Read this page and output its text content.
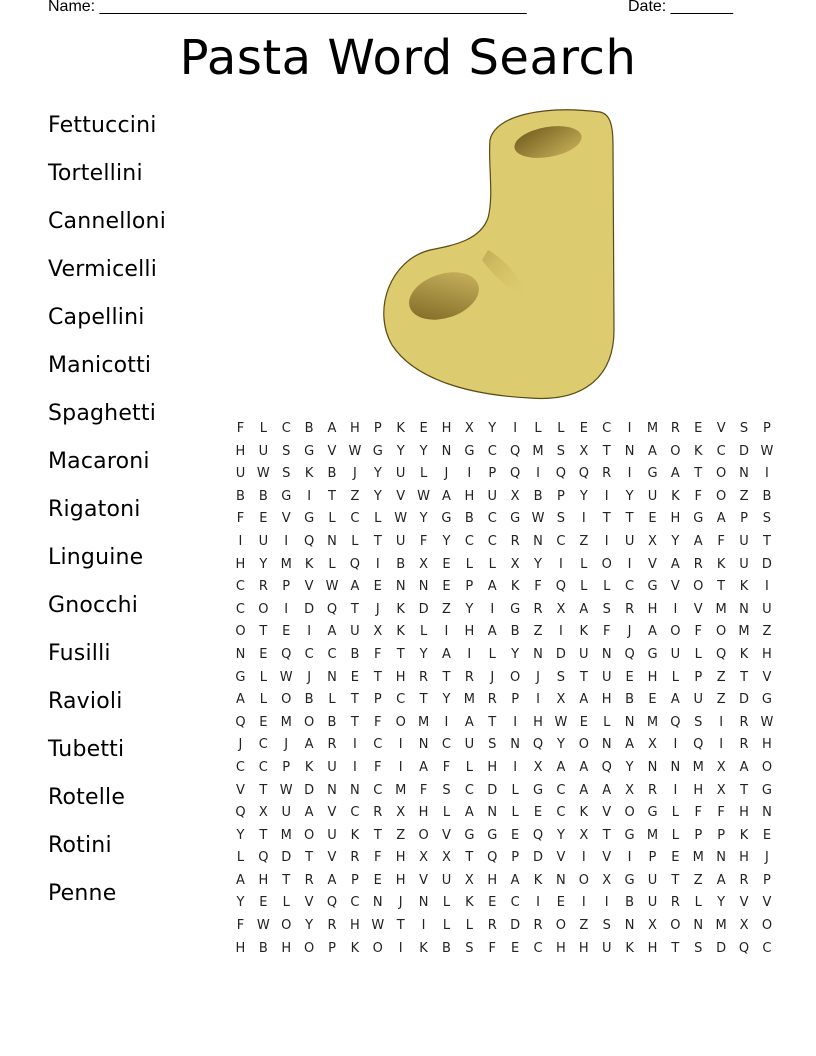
Name: ________________________________________________	Date: _______
Pasta Word Search
Fettuccini
Tortellini
Cannelloni
Vermicelli
Capellini
Manicotti
Spaghetti
Macaroni
Rigatoni
Linguine
Gnocchi
Fusilli
Ravioli
Tubetti
Rotelle
Rotini
Penne
F L C B A H P K E H X Y I L L E C I M R E V S P
H U S G V W G Y Y N G C Q M S X T N A O K C D W
U W S K B J Y U L J I P Q I Q Q R I G A T O N I
B B G I T Z Y V W A H U X B P Y I Y U K F O Z B
F E V G L C L W Y G B C G W S I T T E H G A P S
I U I Q N L T U F Y C C R N C Z I U X Y A F U T
H Y M K L Q I B X E L L X Y I L O I V A R K U D
C R P V W A E N N E P A K F Q L L C G V O T K I
C O I D Q T J K D Z Y I G R X A S R H I V M N U
O T E I A U X K L I H A B Z I K F J A O F O M Z
N E Q C C B F T Y A I L Y N D U N Q G U L Q K H
G L W J N E T H R T R J O J S T U E H L P Z T V
A L O B L T P C T Y M R P I X A H B E A U Z D G
Q E M O B T F O M I A T I H W E L N M Q S I R W
J C J A R I C I N C U S N Q Y O N A X I Q I R H
C C P K U I F I A F L H I X A A Q Y N N M X A O
V T W D N N C M F S C D L G C A A X R I H X T G
Q X U A V C R X H L A N L E C K V O G L F F H N
Y T M O U K T Z O V G G E Q Y X T G M L P P K E
L Q D T V R F H X X T Q P D V I V I P E M N H J
A H T R A P E H V U X H A K N O X G U T Z A R P
Y E L V Q C N J N L K E C I E I I B U R L Y V V
F W O Y R H W T I L L R D R O Z S N X O N M X O
H B H O P K O I K B S F E C H H U K H T S D Q C
